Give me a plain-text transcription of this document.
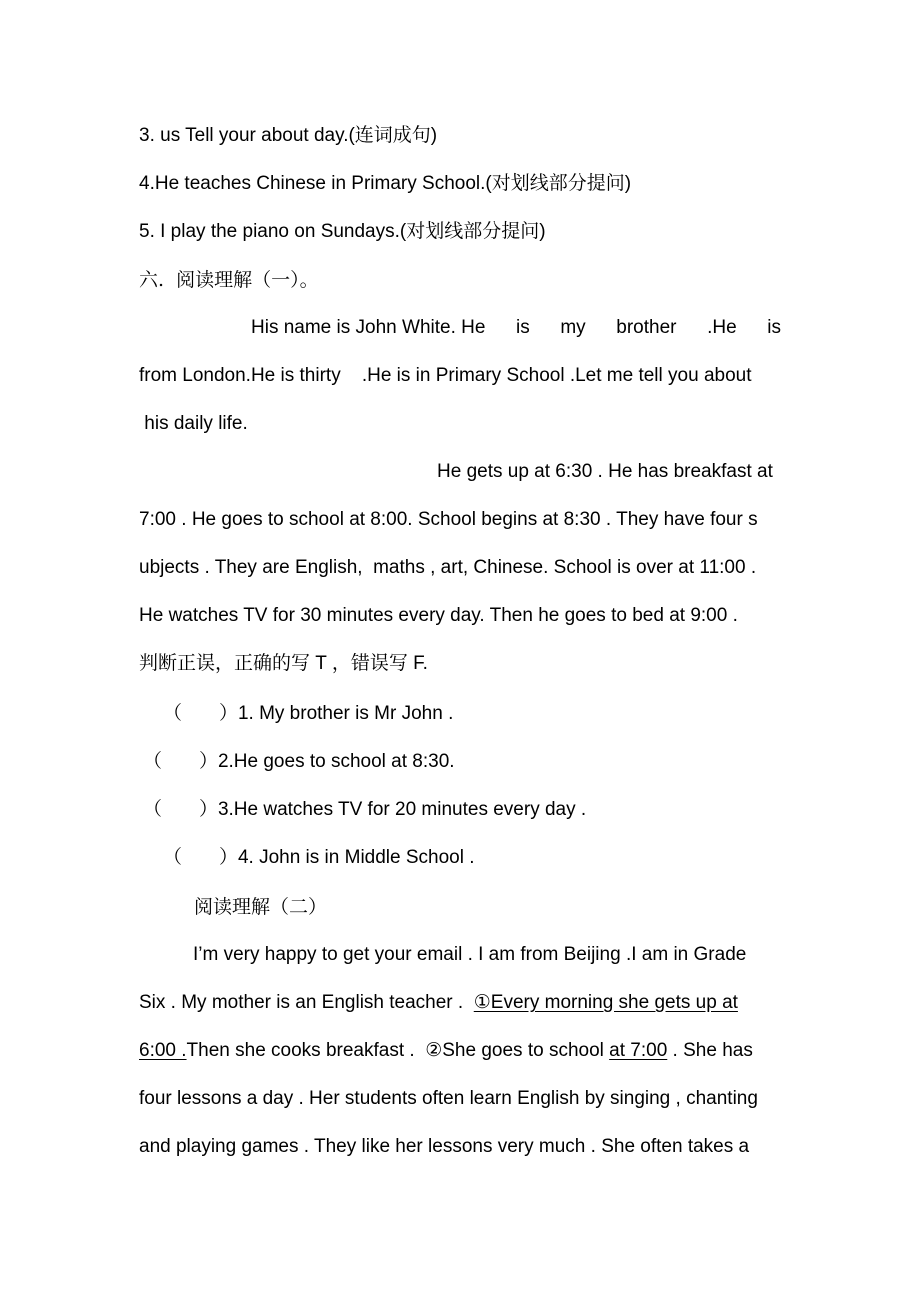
3. us Tell your about day.(连词成句)
4.He teaches Chinese in Primary School.(对划线部分提问)
5. I play the piano on Sundays.(对划线部分提问)
六.  阅读理解（一）。
His name is John White. He is my brother .He is
from London.He is thirty    .He is in Primary School .Let me tell you about
his daily life.
He gets up at 6:30 . He has breakfast at
7:00 . He goes to school at 8:00. School begins at 8:30 . They have four s
ubjects . They are English,  maths , art, Chinese. School is over at 11:00 .
He watches TV for 30 minutes every day. Then he goes to bed at 9:00 .
判断正误，正确的写 T ，错误写 F.
（       ）1. My brother is Mr John .
（       ）2.He goes to school at 8:30.
（       ）3.He watches TV for 20 minutes every day .
（       ）4. John is in Middle School .
阅读理解（二）
I’m very happy to get your email . I am from Beijing .I am in Grade
Six . My mother is an English teacher .  ①Every morning she gets up at
6:00 .Then she cooks breakfast .  ②She goes to school at 7:00 . She has
four lessons a day . Her students often learn English by singing , chanting
and playing games . They like her lessons very much . She often takes a
